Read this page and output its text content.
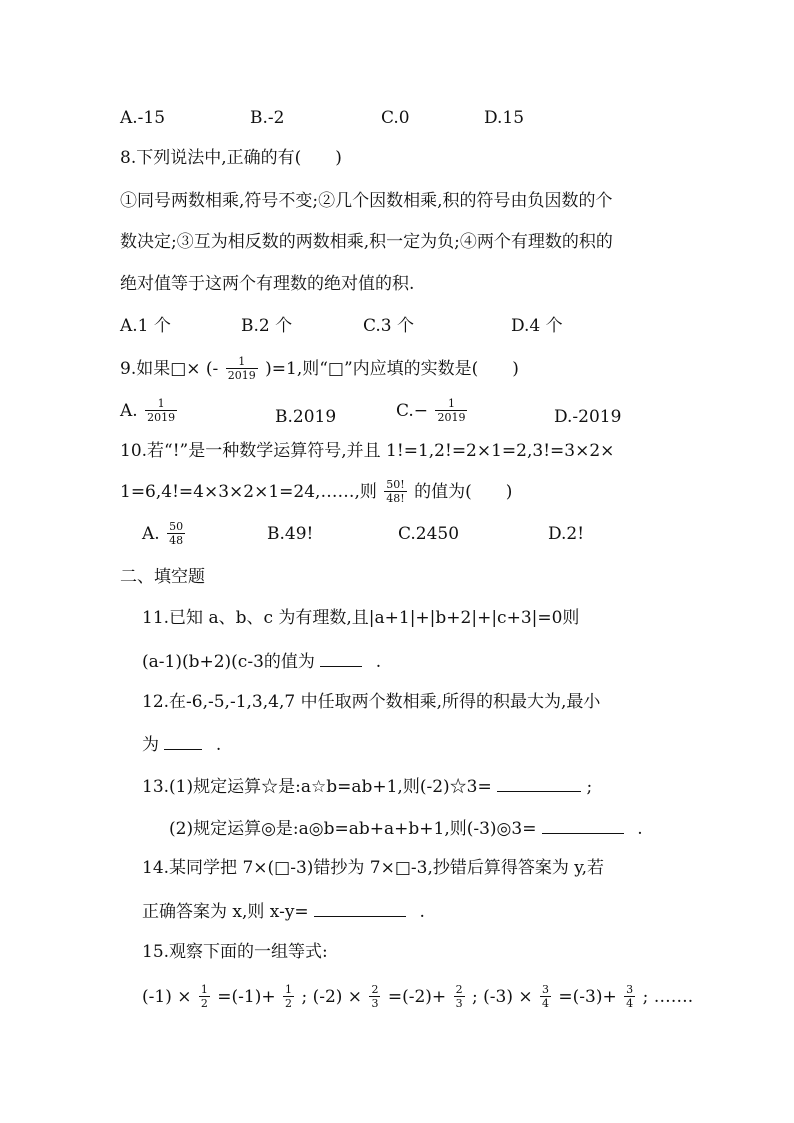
A.-15	B.-2	C.0	D.15
8.下列说法中,正确的有(　　)
①同号两数相乘,符号不变;②几个因数相乘,积的符号由负因数的个
数决定;③互为相反数的两数相乘,积一定为负;④两个有理数的积的
绝对值等于这两个有理数的绝对值的积.
A.1 个	B.2 个	C.3 个	D.4 个
9.如果□× (- $\frac{1}{2019} )=1$,则“□”内应填的实数是(　　)
A. $\frac{1}{2019}$	B.2019	$C.- \frac{1}{2019}$	D.-2019
10.若“!”是一种数学运算符号,并且 1!=1,2!=2×1=2,3!=3×2×
1=6,4!=4×3×2×1=24,……,则 $\frac{50!}{48!}$ 的值为(　　)
A. $\frac{50}{48}$	B.49!	C.2450	D.2!
二、填空题
11.已知 a、b、c 为有理数,且|a+1|+|b+2|+|c+3|=0则
(a-1)(b+2)(c-3的值为	.
12.在-6,-5,-1,3,4,7 中任取两个数相乘,所得的积最大为,最小
为	.
13.(1)规定运算☆是:a☆b=ab+1,则(-2)☆3=	;
(2)规定运算◎是:a◎b=ab+a+b+1,则(-3)◎3=	.
14.某同学把 7×(□-3)错抄为 7×□-3,抄错后算得答案为 y,若
正确答案为 x,则 x-y=	.
15.观察下面的一组等式:
$(-1) \times \frac{1}{2} =(-1)+ \frac{1}{2}$ ; $(-2) \times \frac{2}{3} =(-2)+ \frac{2}{3}$ ; $(-3) \times \frac{3}{4} =(-3)+ \frac{3}{4}$ ; …….
